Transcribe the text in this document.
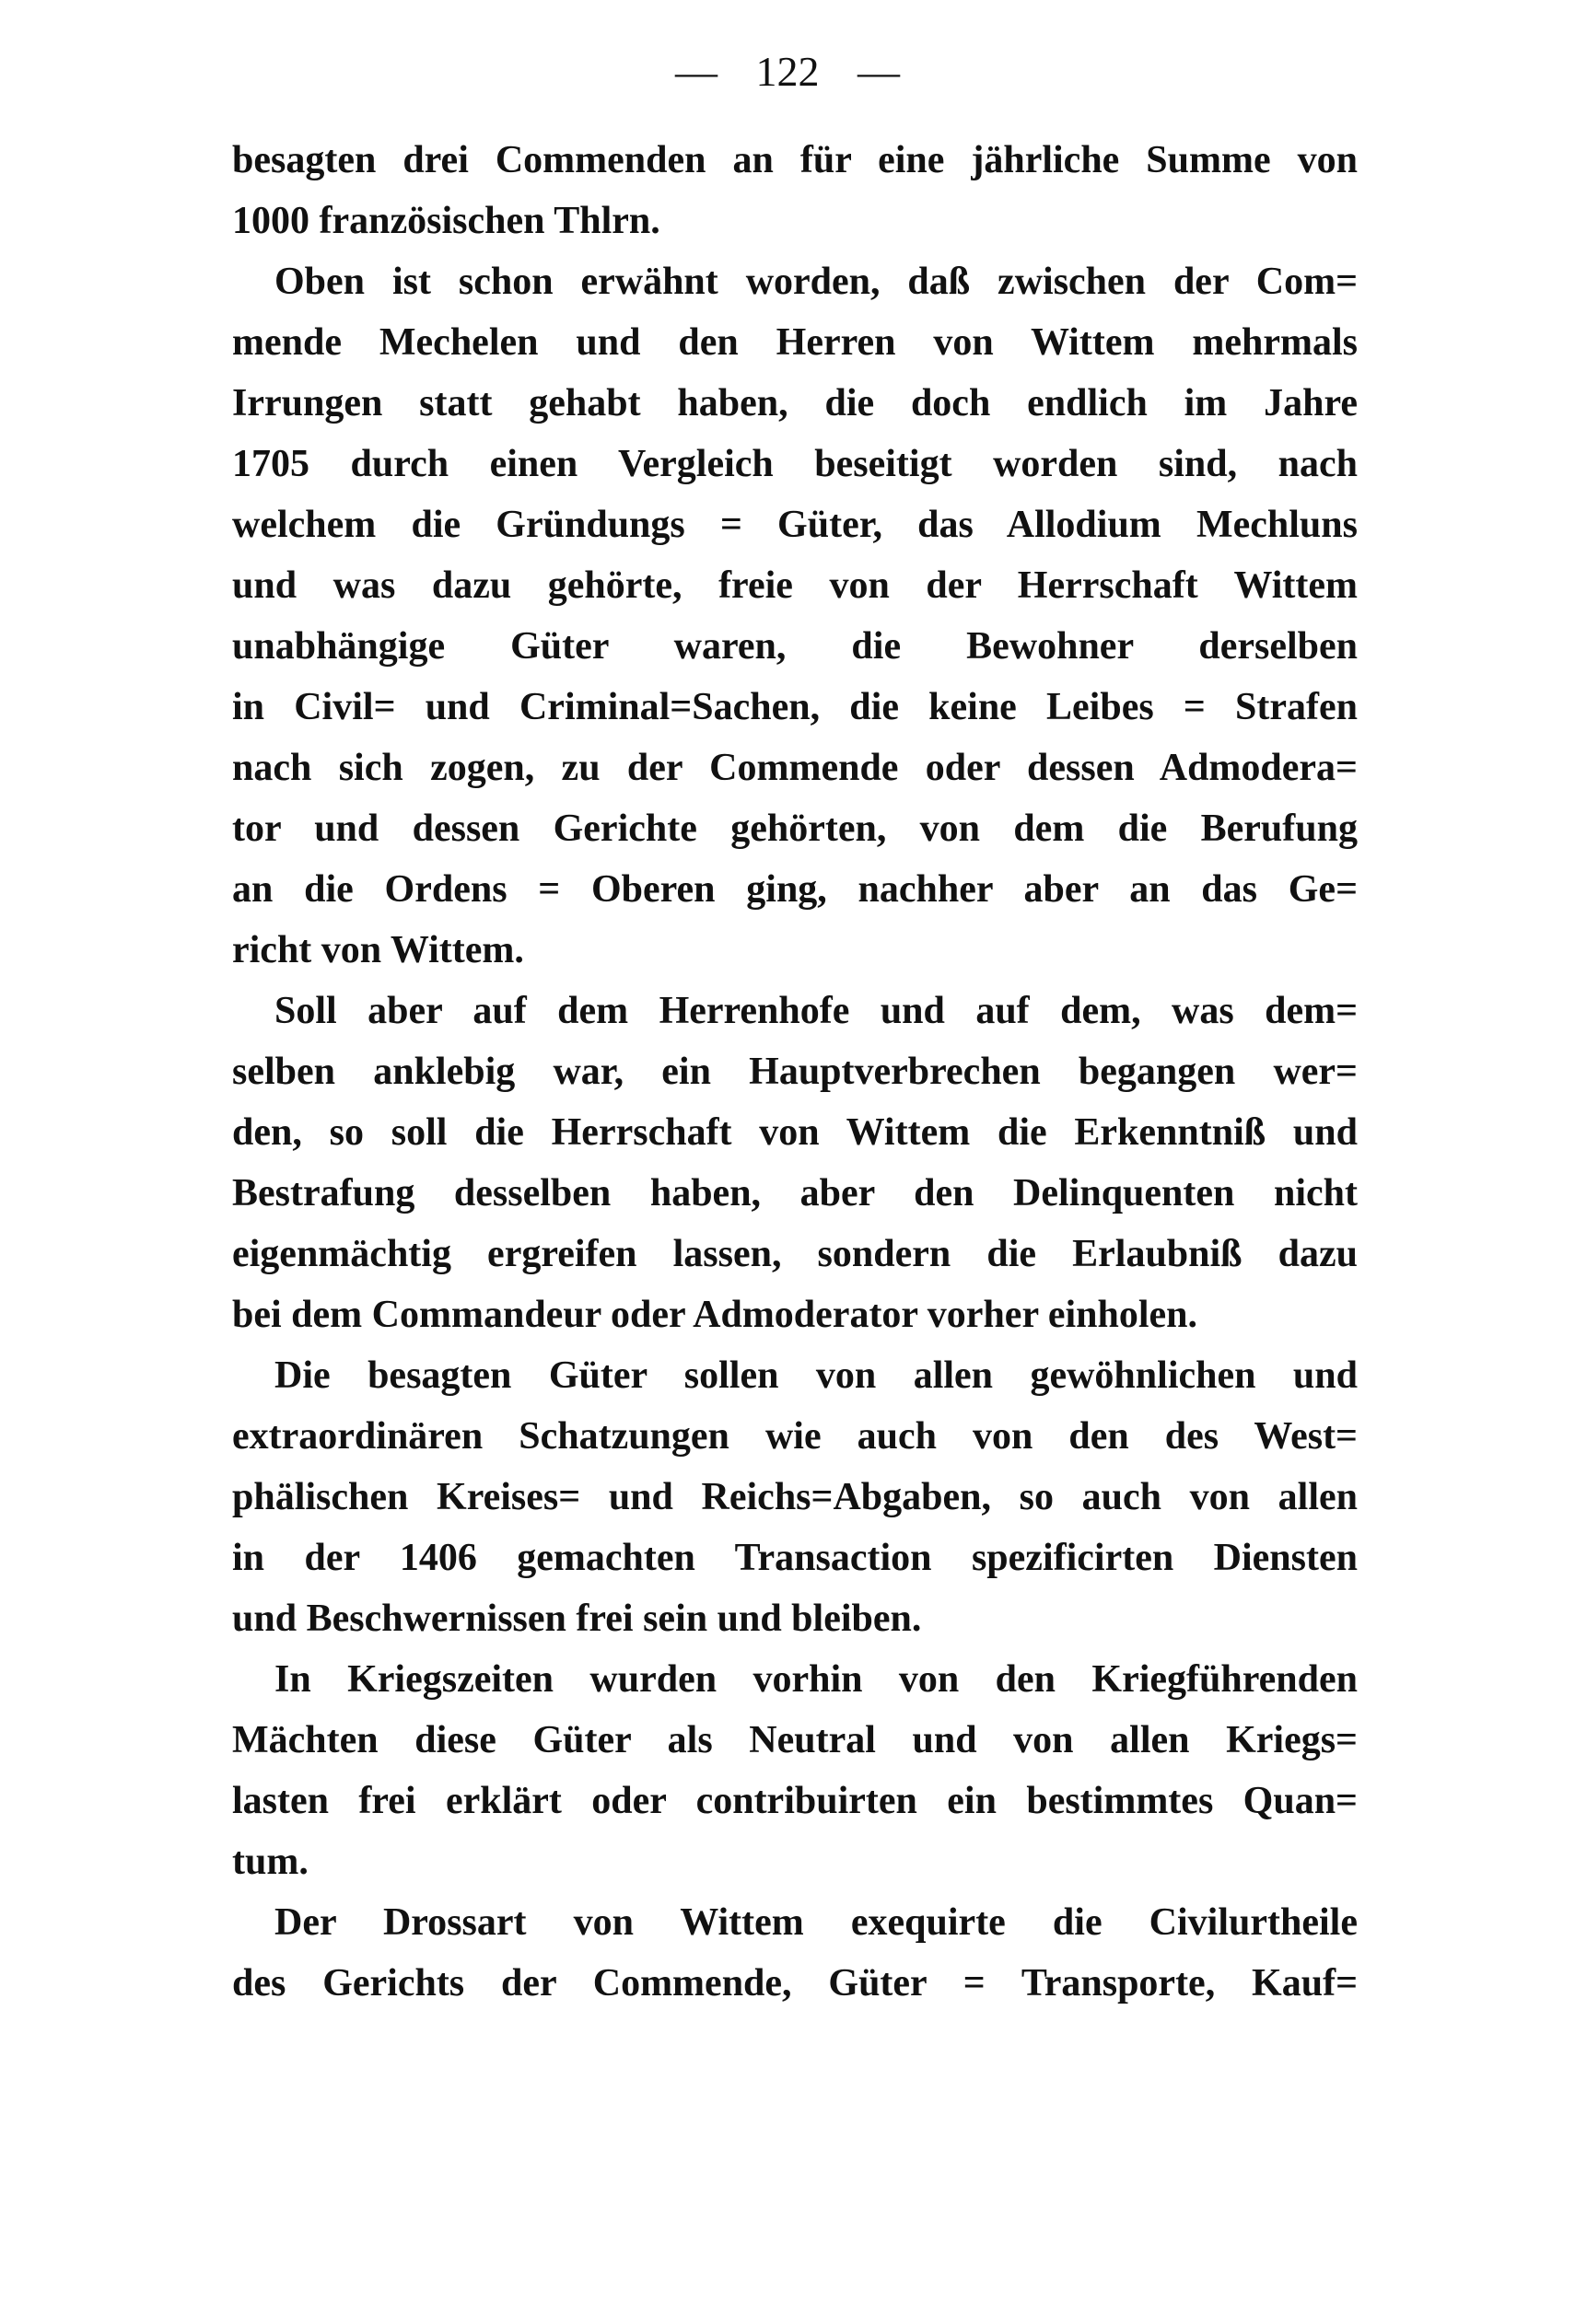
— 122 —
besagten drei Commenden an für eine jährliche Summe von
1000 französischen Thlrn.
Oben ist schon erwähnt worden, daß zwischen der Com=
mende Mechelen und den Herren von Wittem mehrmals
Irrungen statt gehabt haben, die doch endlich im Jahre
1705 durch einen Vergleich beseitigt worden sind, nach
welchem die Gründungs = Güter, das Allodium Mechluns
und was dazu gehörte, freie von der Herrschaft Wittem
unabhängige Güter waren, die Bewohner derselben
in Civil= und Criminal=Sachen, die keine Leibes = Strafen
nach sich zogen, zu der Commende oder dessen Admodera=
tor und dessen Gerichte gehörten, von dem die Berufung
an die Ordens = Oberen ging, nachher aber an das Ge=
richt von Wittem.
Soll aber auf dem Herrenhofe und auf dem, was dem=
selben anklebig war, ein Hauptverbrechen begangen wer=
den, so soll die Herrschaft von Wittem die Erkenntniß und
Bestrafung desselben haben, aber den Delinquenten nicht
eigenmächtig ergreifen lassen, sondern die Erlaubniß dazu
bei dem Commandeur oder Admoderator vorher einholen.
Die besagten Güter sollen von allen gewöhnlichen und
extraordinären Schatzungen wie auch von den des West=
phälischen Kreises= und Reichs=Abgaben, so auch von allen
in der 1406 gemachten Transaction spezificirten Diensten
und Beschwernissen frei sein und bleiben.
In Kriegszeiten wurden vorhin von den Kriegführenden
Mächten diese Güter als Neutral und von allen Kriegs=
lasten frei erklärt oder contribuirten ein bestimmtes Quan=
tum.
Der Drossart von Wittem exequirte die Civilurtheile
des Gerichts der Commende, Güter = Transporte, Kauf=
